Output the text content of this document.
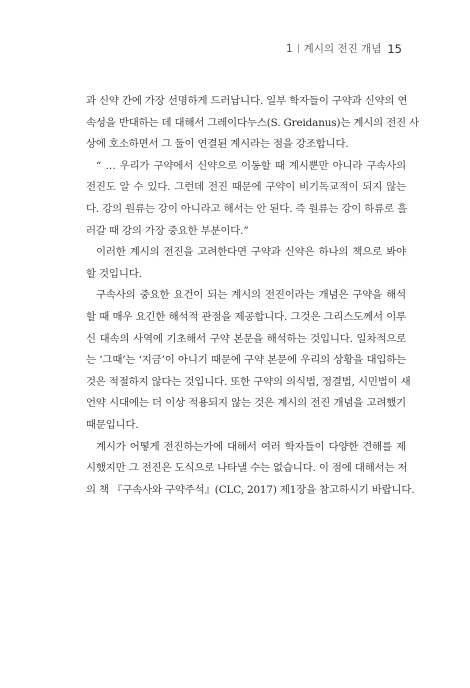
1 계시의 전진 개념 15
과 신약 간에 가장 선명하게 드러납니다. 일부 학자들이 구약과 신약의 연
속성을 반대하는 데 대해서 그레이다누스(S. Greidanus)는 계시의 전진 사
상에 호소하면서 그 둘이 연결된 계시라는 점을 강조합니다.
“ … 우리가 구약에서 신약으로 이동할 때 계시뿐만 아니라 구속사의
전진도 알 수 있다. 그런데 전진 때문에 구약이 비기독교적이 되지 않는
다. 강의 원류는 강이 아니라고 해서는 안 된다. 즉 원류는 강이 하류로 흘
러갈 때 강의 가장 중요한 부분이다.”
이러한 계시의 전진을 고려한다면 구약과 신약은 하나의 책으로 봐야
할 것입니다.
구속사의 중요한 요건이 되는 계시의 전진이라는 개념은 구약을 해석
할 때 매우 요긴한 해석적 관점을 제공합니다. 그것은 그리스도께서 이루
신 대속의 사역에 기초해서 구약 본문을 해석하는 것입니다. 일차적으로
는 ‘그때’는 ‘지금’이 아니기 때문에 구약 본문에 우리의 상황을 대입하는
것은 적절하지 않다는 것입니다. 또한 구약의 의식법, 정결법, 시민법이 새
언약 시대에는 더 이상 적용되지 않는 것은 계시의 전진 개념을 고려했기
때문입니다.
계시가 어떻게 전진하는가에 대해서 여러 학자들이 다양한 견해를 제
시했지만 그 전진은 도식으로 나타낼 수는 없습니다. 이 점에 대해서는 저
의 책 『구속사와 구약주석』(CLC, 2017) 제1장을 참고하시기 바랍니다.
